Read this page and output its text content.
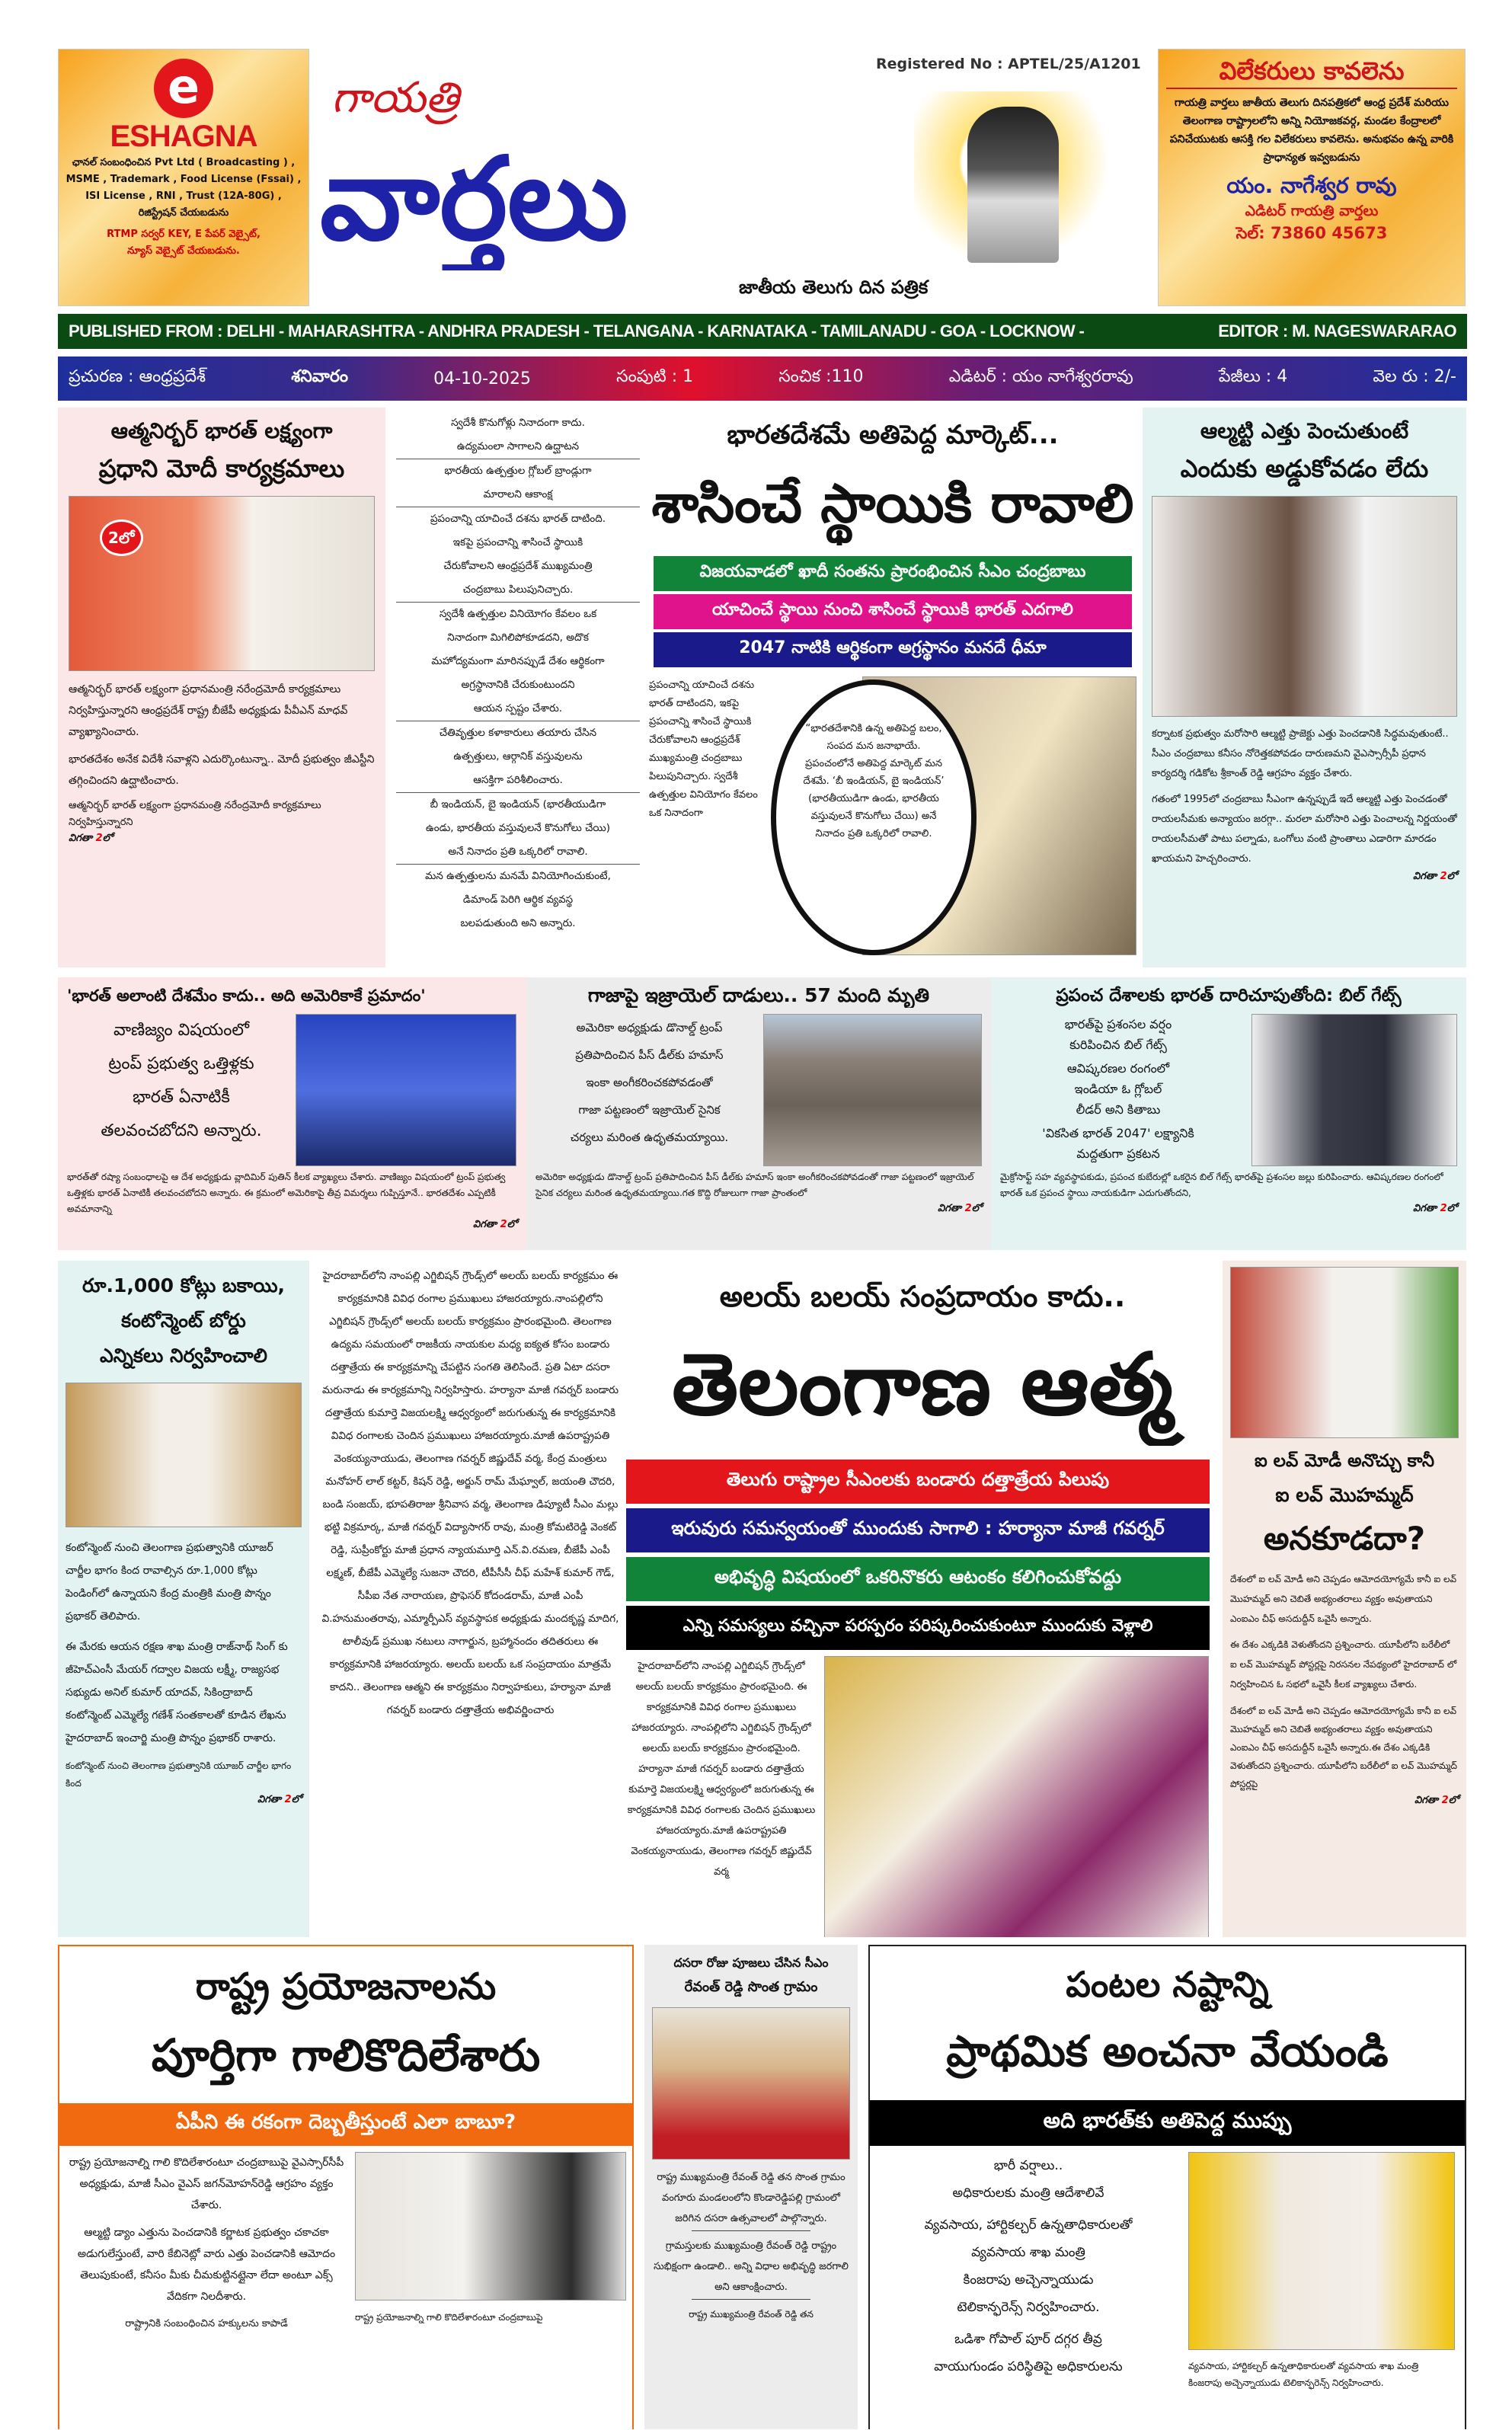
e
ESHAGNA
ఛానల్ సంబంధించిన Pvt Ltd ( Broadcasting ) ,
MSME , Trademark , Food License (Fssai) ,
ISI License , RNI , Trust (12A-80G) ,
రిజిస్ట్రేషన్ చేయబడును
RTMP సర్వర్ KEY, E పేపర్ వెబ్సైట్,
న్యూస్ వెబ్సైట్ చేయబడును.
Registered No : APTEL/25/A1201
గాయత్రి
వార్తలు
జాతీయ తెలుగు దిన పత్రిక
విలేకరులు కావలెను
గాయత్రి వార్తలు జాతీయ తెలుగు దినపత్రికలో ఆంధ్ర ప్రదేశ్ మరియు తెలంగాణ రాష్ట్రాలలోని అన్ని నియోజకవర్గ, మండల కేంద్రాలలో పనిచేయుటకు ఆసక్తి గల విలేకరులు కావలెను. అనుభవం ఉన్న వారికి ప్రాధాన్యత ఇవ్వబడును
యం. నాగేశ్వర రావు
ఎడిటర్ గాయత్రి వార్తలు
సెల్: 73860 45673
PUBLISHED FROM : DELHI - MAHARASHTRA - ANDHRA PRADESH - TELANGANA - KARNATAKA - TAMILANADU - GOA - LOCKNOW -	EDITOR : M. NAGESWARARAO
ప్రచురణ : ఆంధ్రప్రదేశ్	శనివారం	04-10-2025	సంపుటి : 1	సంచిక :110	ఎడిటర్ : యం నాగేశ్వరరావు	పేజీలు : 4	వెల రు : 2/-
ఆత్మనిర్భర్ భారత్ లక్ష్యంగా
ప్రధాని మోదీ కార్యక్రమాలు
2లో

ఆత్మనిర్భర్ భారత్ లక్ష్యంగా ప్రధానమంత్రి నరేంద్రమోదీ కార్యక్రమాలు నిర్వహిస్తున్నారని ఆంధ్రప్రదేశ్ రాష్ట్ర బీజేపీ అధ్యక్షుడు పీవీఎన్ మాధవ్ వ్యాఖ్యానించారు.

భారతదేశం అనేక విదేశీ సవాళ్లని ఎదుర్కొంటున్నా.. మోదీ ప్రభుత్వం జీఎస్టీని తగ్గించిందని ఉద్ఘాటించారు.

ఆత్మనిర్భర్ భారత్ లక్ష్యంగా ప్రధానమంత్రి నరేంద్రమోదీ కార్యక్రమాలు నిర్వహిస్తున్నారని

విగతా 2లో
స్వదేశీ కొనుగోళ్లు నినాదంగా కాదు.
ఉద్యమంలా సాగాలని ఉద్ఘాటన
భారతీయ ఉత్పత్తుల గ్లోబల్ బ్రాండ్లుగా
మారాలని ఆకాంక్ష
ప్రపంచాన్ని యాచించే దశను భారత్ దాటింది.
ఇకపై ప్రపంచాన్ని శాసించే స్థాయికి
చేరుకోవాలని ఆంధ్రప్రదేశ్ ముఖ్యమంత్రి
చంద్రబాబు పిలుపునిచ్చారు.
స్వదేశీ ఉత్పత్తుల వినియోగం కేవలం ఒక
నినాదంగా మిగిలిపోకూడదని, అదొక
మహోద్యమంగా మారినప్పుడే దేశం ఆర్థికంగా
అగ్రస్థానానికి చేరుకుంటుందని
ఆయన స్పష్టం చేశారు.
చేతివృత్తుల కళాకారులు తయారు చేసిన
ఉత్పత్తులు, ఆర్గానిక్ వస్తువులను
ఆసక్తిగా పరిశీలించారు.
బీ ఇండియన్, బై ఇండియన్ (భారతీయుడిగా
ఉండు, భారతీయ వస్తువులనే కొనుగోలు చేయి)
అనే నినాదం ప్రతి ఒక్కరిలో రావాలి.
మన ఉత్పత్తులను మనమే వినియోగించుకుంటే,
డిమాండ్ పెరిగి ఆర్థిక వ్యవస్థ
బలపడుతుంది అని అన్నారు.
భారతదేశమే అతిపెద్ద మార్కెట్...
శాసించే స్థాయికి రావాలి
విజయవాడలో ఖాదీ సంతను ప్రారంభించిన సీఎం చంద్రబాబు
యాచించే స్థాయి నుంచి శాసించే స్థాయికి భారత్ ఎదగాలి
2047 నాటికి ఆర్థికంగా అగ్రస్థానం మనదే ధీమా

ప్రపంచాన్ని యాచించే దశను భారత్ దాటిందని, ఇకపై ప్రపంచాన్ని శాసించే స్థాయికి చేరుకోవాలని ఆంధ్రప్రదేశ్ ముఖ్యమంత్రి చంద్రబాబు పిలుపునిచ్చారు. స్వదేశీ ఉత్పత్తుల వినియోగం కేవలం ఒక నినాదంగా

“భారతదేశానికి ఉన్న అతిపెద్ద బలం, సంపద మన జనాభాయే. ప్రపంచంలోనే అతిపెద్ద మార్కెట్ మన దేశమే. ‘బీ ఇండియన్, బై ఇండియన్’ (భారతీయుడిగా ఉండు, భారతీయ వస్తువులనే కొనుగోలు చేయి) అనే నినాదం ప్రతి ఒక్కరిలో రావాలి.
ఆల్మట్టి ఎత్తు పెంచుతుంటే
ఎందుకు అడ్డుకోవడం లేదు

కర్నాటక ప్రభుత్వం మరోసారి ఆల్మట్టి ప్రాజెక్టు ఎత్తు పెంచడానికి సిద్ధమవుతుంటే.. సీఎం చంద్రబాబు కనీసం నోరెత్తకపోవడం దారుణమని వైఎస్సార్సీపీ ప్రధాన కార్యదర్శి గడికోట శ్రీకాంత్ రెడ్డి ఆగ్రహం వ్యక్తం చేశారు.

గతంలో 1995లో చంద్రబాబు సీఎంగా ఉన్నప్పుడే ఇదే ఆల్మట్టి ఎత్తు పెంచడంతో రాయలసీమకు అన్యాయం జరగ్గా.. మరలా మరోసారి ఎత్తు పెంచాలన్న నిర్ణయంతో రాయలసీమతో పాటు పల్నాడు, ఒంగోలు వంటి ప్రాంతాలు ఎడారిగా మారడం ఖాయమని హెచ్చరించారు.

విగతా 2లో
'భారత్ అలాంటి దేశమేం కాదు.. అది అమెరికాకే ప్రమాదం'
వాణిజ్యం విషయంలో
ట్రంప్ ప్రభుత్వ ఒత్తిళ్లకు
భారత్ ఏనాటికీ
తలవంచబోదని అన్నారు.

భారత్‌తో రష్యా సంబంధాలపై ఆ దేశ అధ్యక్షుడు వ్లాదిమిర్ పుతిన్ కీలక వ్యాఖ్యలు చేశారు. వాణిజ్యం విషయంలో ట్రంప్ ప్రభుత్వ ఒత్తిళ్లకు భారత్ ఏనాటికీ తలవంచబోదని అన్నారు. ఈ క్రమంలో అమెరికాపై తీవ్ర విమర్శలు గుప్పిస్తూనే.. భారతదేశం ఎప్పటికీ అవమానాన్ని

విగతా 2లో
గాజాపై ఇజ్రాయెల్ దాడులు.. 57 మంది మృతి
అమెరికా అధ్యక్షుడు డొనాల్డ్ ట్రంప్
ప్రతిపాదించిన పీస్ డీల్‌కు హమాస్
ఇంకా అంగీకరించకపోవడంతో
గాజా పట్టణంలో ఇజ్రాయెల్ సైనిక
చర్యలు మరింత ఉధృతమయ్యాయి.

అమెరికా అధ్యక్షుడు డొనాల్డ్ ట్రంప్ ప్రతిపాదించిన పీస్ డీల్‌కు హమాస్ ఇంకా అంగీకరించకపోవడంతో గాజా పట్టణంలో ఇజ్రాయెల్ సైనిక చర్యలు మరింత ఉధృతమయ్యాయి.గత కొద్ది రోజులుగా గాజా ప్రాంతంలో

విగతా 2లో
ప్రపంచ దేశాలకు భారత్ దారిచూపుతోంది: బిల్ గేట్స్
భారత్‌పై ప్రశంసల వర్షం
కురిపించిన బిల్ గేట్స్
ఆవిష్కరణల రంగంలో
ఇండియా ఓ గ్లోబల్
లీడర్ అని కితాబు
'వికసిత భారత్ 2047' లక్ష్యానికి
మద్దతుగా ప్రకటన

మైక్రోసాఫ్ట్ సహ వ్యవస్థాపకుడు, ప్రపంచ కుబేరుల్లో ఒకరైన బిల్ గేట్స్ భారత్‌పై ప్రశంసల జల్లు కురిపించారు. ఆవిష్కరణల రంగంలో భారత్ ఒక ప్రపంచ స్థాయి నాయకుడిగా ఎదుగుతోందని,

విగతా 2లో
రూ.1,000 కోట్లు బకాయి,
కంటోన్మెంట్ బోర్డు
ఎన్నికలు నిర్వహించాలి

కంటోన్మెంట్ నుంచి తెలంగాణ ప్రభుత్వానికి యూజర్ చార్జీల భాగం కింద రావాల్సిన రూ.1,000 కోట్లు పెండింగ్‌లో ఉన్నాయని కేంద్ర మంత్రికి మంత్రి పొన్నం ప్రభాకర్ తెలిపారు.

ఈ మేరకు ఆయన రక్షణ శాఖ మంత్రి రాజ్‌నాథ్ సింగ్ కు జీహెచ్ఎంసీ మేయర్ గద్వాల విజయ లక్ష్మీ, రాజ్యసభ సభ్యుడు అనిల్ కుమార్ యాదవ్, సికింద్రాబాద్ కంటోన్మెంట్ ఎమ్మెల్యే గణేశ్ సంతకాలతో కూడిన లేఖను హైదరాబాద్ ఇంచార్జి మంత్రి పొన్నం ప్రభాకర్ రాశారు.

కంటోన్మెంట్ నుంచి తెలంగాణ ప్రభుత్వానికి యూజర్ చార్జీల భాగం కింద

విగతా 2లో

హైదరాబాద్‌లోని నాంపల్లి ఎగ్జిబిషన్ గ్రౌండ్స్‌లో అలయ్ బలయ్ కార్యక్రమం ఈ కార్యక్రమానికి వివిధ రంగాల ప్రముఖులు హాజరయ్యారు.నాంపల్లిలోని ఎగ్జిబిషన్ గ్రౌండ్స్‌లో అలయ్ బలయ్ కార్యక్రమం ప్రారంభమైంది. తెలంగాణ ఉద్యమ సమయంలో రాజకీయ నాయకుల మధ్య ఐక్యత కోసం బండారు దత్తాత్రేయ ఈ కార్యక్రమాన్ని చేపట్టిన సంగతి తెలిసిందే. ప్రతి ఏటా దసరా మరునాడు ఈ కార్యక్రమాన్ని నిర్వహిస్తారు. హర్యానా మాజీ గవర్నర్ బండారు దత్తాత్రేయ కుమార్తె విజయలక్ష్మి ఆధ్వర్యంలో జరుగుతున్న ఈ కార్యక్రమానికి వివిధ రంగాలకు చెందిన ప్రముఖులు హాజరయ్యారు.మాజీ ఉపరాష్ట్రపతి వెంకయ్యనాయుడు, తెలంగాణ గవర్నర్ జిష్ణుదేవ్ వర్మ, కేంద్ర మంత్రులు మనోహర్ లాల్ కట్టర్, కిషన్ రెడ్డి, అర్జున్ రామ్ మేఘ్వాల్, జయంతి చౌదరి, బండి సంజయ్, భూపతిరాజు శ్రీనివాస వర్మ, తెలంగాణ డిప్యూటీ సీఎం మల్లు భట్టి విక్రమార్క, మాజీ గవర్నర్ విద్యాసాగర్ రావు, మంత్రి కోమటిరెడ్డి వెంకట్ రెడ్డి, సుప్రీంకోర్టు మాజీ ప్రధాన న్యాయమూర్తి ఎన్.వి.రమణ, బీజేపీ ఎంపీ లక్ష్మణ్, బీజేపీ ఎమ్మెల్యే సుజనా చౌదరి, టీపీసీసీ చీఫ్ మహేశ్ కుమార్ గౌడ్, సీపీఐ నేత నారాయణ, ప్రొఫెసర్ కోదండరామ్, మాజీ ఎంపీ వి.హనుమంతరావు, ఎమ్మార్పీఎస్ వ్యవస్థాపక అధ్యక్షుడు మందకృష్ణ మాదిగ, టాలీవుడ్ ప్రముఖ నటులు నాగార్జున, బ్రహ్మానందం తదితరులు ఈ కార్యక్రమానికి హాజరయ్యారు. అలయ్ బలయ్ ఒక సంప్రదాయం మాత్రమే కాదని.. తెలంగాణ ఆత్మని ఈ కార్యక్రమం నిర్వాహకులు, హర్యానా మాజీ గవర్నర్ బండారు దత్తాత్రేయ అభివర్ణించారు

అలయ్ బలయ్ సంప్రదాయం కాదు..
తెలంగాణ ఆత్మ
తెలుగు రాష్ట్రాల సీఎంలకు బండారు దత్తాత్రేయ పిలుపు
ఇరువురు సమన్వయంతో ముందుకు సాగాలి : హర్యానా మాజీ గవర్నర్
అభివృద్ధి విషయంలో ఒకరినొకరు ఆటంకం కలిగించుకోవద్దు
ఎన్ని సమస్యలు వచ్చినా పరస్పరం పరిష్కరించుకుంటూ ముందుకు వెళ్లాలి

హైదరాబాద్‌లోని నాంపల్లి ఎగ్జిబిషన్ గ్రౌండ్స్‌లో అలయ్ బలయ్ కార్యక్రమం ప్రారంభమైంది. ఈ కార్యక్రమానికి వివిధ రంగాల ప్రముఖులు హాజరయ్యారు. నాంపల్లిలోని ఎగ్జిబిషన్ గ్రౌండ్స్‌లో అలయ్ బలయ్ కార్యక్రమం ప్రారంభమైంది. హర్యానా మాజీ గవర్నర్ బండారు దత్తాత్రేయ కుమార్తె విజయలక్ష్మి ఆధ్వర్యంలో జరుగుతున్న ఈ కార్యక్రమానికి వివిధ రంగాలకు చెందిన ప్రముఖులు హాజరయ్యారు.మాజీ ఉపరాష్ట్రపతి వెంకయ్యనాయుడు, తెలంగాణ గవర్నర్ జిష్ణుదేవ్ వర్మ

ఐ లవ్ మోడీ అనొచ్చు కానీ
ఐ లవ్ మొహమ్మద్
అనకూడదా?

దేశంలో ఐ లవ్ మోడీ అని చెప్పడం ఆమోదయోగ్యమే కానీ ఐ లవ్ మొహమ్మద్ అని చెబితే అభ్యంతరాలు వ్యక్తం అవుతాయని ఎంఐఎం చీఫ్ అసదుద్దీన్ ఒవైసీ అన్నారు.

ఈ దేశం ఎక్కడికి వెళుతోందని ప్రశ్నించారు. యూపీలోని బరేలీలో ఐ లవ్ మొహమ్మద్ పోస్టర్లపై నిరసనల నేపథ్యంలో హైదరాబాద్ లో నిర్వహించిన ఓ సభలో ఒవైసీ కీలక వ్యాఖ్యలు చేశారు.

దేశంలో ఐ లవ్ మోడీ అని చెప్పడం ఆమోదయోగ్యమే కానీ ఐ లవ్ మొహమ్మద్ అని చెబితే అభ్యంతరాలు వ్యక్తం అవుతాయని ఎంఐఎం చీఫ్ అసదుద్దీన్ ఒవైసీ అన్నారు.ఈ దేశం ఎక్కడికి వెళుతోందని ప్రశ్నించారు. యూపీలోని బరేలీలో ఐ లవ్ మొహమ్మద్ పోస్టర్లపై

విగతా 2లో
రాష్ట్ర ప్రయోజనాలను
పూర్తిగా గాలికొదిలేశారు
ఏపీని ఈ రకంగా దెబ్బతీస్తుంటే ఎలా బాబూ?

రాష్ట్ర ప్రయోజనాల్ని గాలి కొదిలేశారంటూ చంద్రబాబుపై వైఎస్సార్‌సీపీ అధ్యక్షుడు, మాజీ సీఎం వైఎస్ జగన్‌మోహన్‌రెడ్డి ఆగ్రహం వ్యక్తం చేశారు.

ఆల్మట్టి డ్యాం ఎత్తును పెంచడానికి కర్ణాటక ప్రభుత్వం చకాచకా అడుగులేస్తుంటే, వారి కేబినెట్లో వారు ఎత్తు పెంచడానికి ఆమోదం తెలుపుకుంటే, కనీసం మీకు చీమకుట్టినట్లైనా లేదా అంటూ ఎక్స్ వేదికగా నిలదీశారు.

రాష్ట్రానికి సంబంధించిన హక్కులను కాపాడే

రాష్ట్ర ప్రయోజనాల్ని గాలి కొదిలేశారంటూ చంద్రబాబుపై

దసరా రోజు పూజలు చేసిన సీఎం
రేవంత్ రెడ్డి సొంత గ్రామం

రాష్ట్ర ముఖ్యమంత్రి రేవంత్ రెడ్డి తన సొంత గ్రామం వంగూరు మండలంలోని కొండారెడ్డిపల్లి గ్రామంలో జరిగిన దసరా ఉత్సవాలలో పాల్గొన్నారు.

గ్రామస్తులకు ముఖ్యమంత్రి రేవంత్ రెడ్డి రాష్ట్రం సుభిక్షంగా ఉండాలి.. అన్ని విధాల అభివృద్ధి జరగాలి అని ఆకాంక్షించారు.

రాష్ట్ర ముఖ్యమంత్రి రేవంత్ రెడ్డి తన

పంటల నష్టాన్ని
ప్రాథమిక అంచనా వేయండి
అది భారత్‌కు అతిపెద్ద ముప్పు
భారీ వర్షాలు..
అధికారులకు మంత్రి ఆదేశాలివే
వ్యవసాయ, హార్టికల్చర్ ఉన్నతాధికారులతో
వ్యవసాయ శాఖ మంత్రి
కింజరాపు అచ్చెన్నాయుడు
టెలికాన్ఫరెన్స్ నిర్వహించారు.
ఒడిశా గోపాల్ పూర్ దగ్గర తీవ్ర
వాయుగుండం పరిస్థితిపై అధికారులను	వ్యవసాయ, హార్టికల్చర్ ఉన్నతాధికారులతో వ్యవసాయ శాఖ మంత్రి కింజరాపు అచ్చెన్నాయుడు టెలికాన్ఫరెన్స్ నిర్వహించారు.
